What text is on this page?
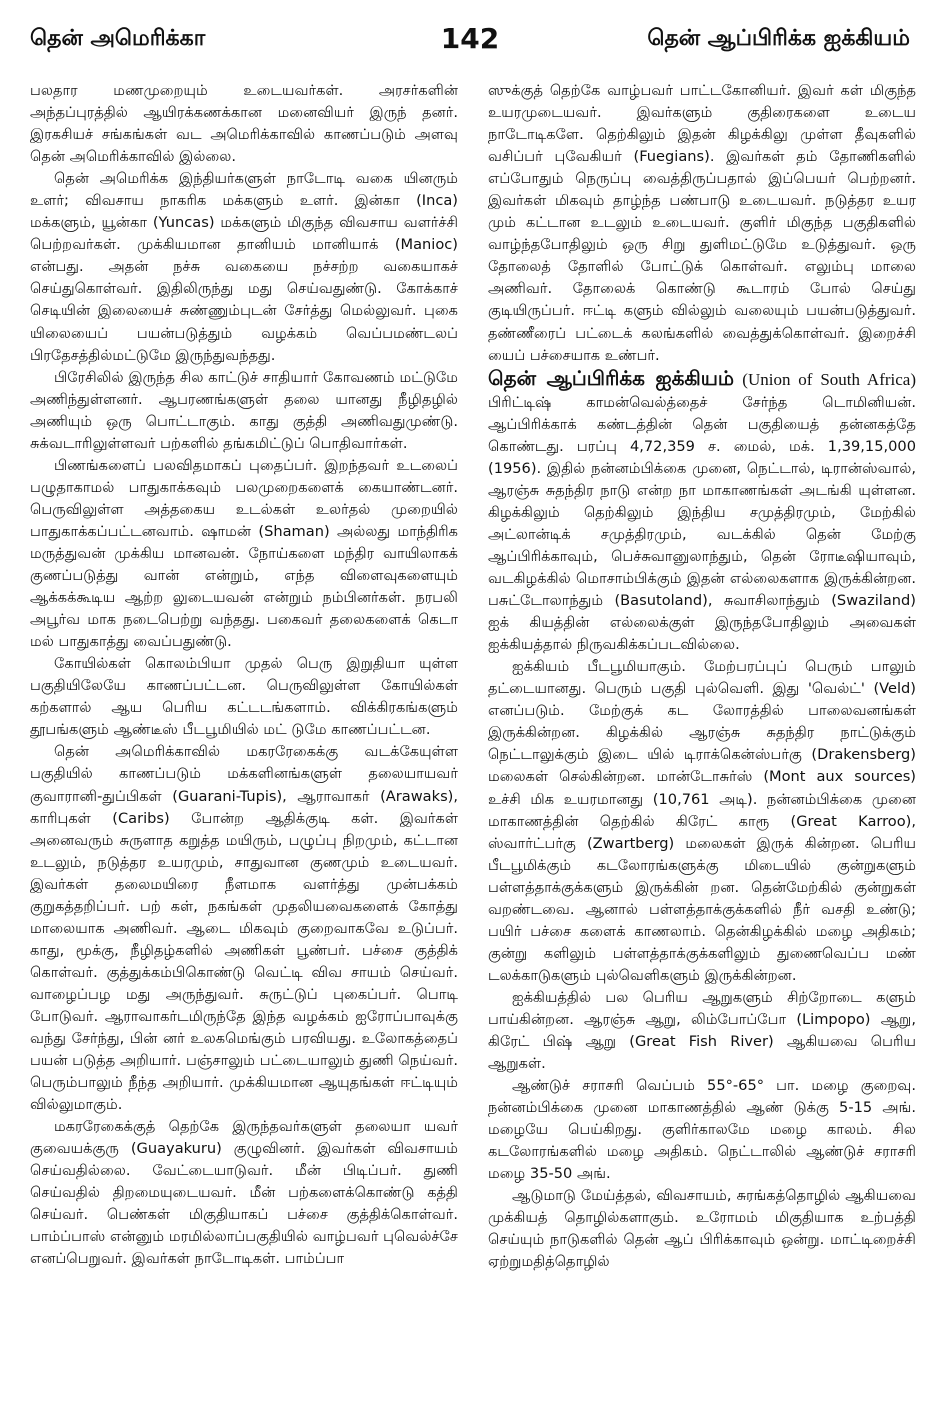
தென் அமெரிக்கா	142	தென் ஆப்பிரிக்க ஐக்கியம்

பலதார மணமுறையும் உடையவர்கள். அரசர்களின் அந்தப்புரத்தில் ஆயிரக்கணக்கான மனைவியர் இருந் தனர். இரகசியச் சங்கங்கள் வட அமெரிக்காவில் காணப்படும் அளவு தென் அமெரிக்காவில் இல்லை.

தென் அமெரிக்க இந்தியர்களுள் நாடோடி வகை யினரும் உளர்; விவசாய நாகரிக மக்களும் உளர். இன்கா (Inca) மக்களும், யூன்கா (Yuncas) மக்களும் மிகுந்த விவசாய வளர்ச்சி பெற்றவர்கள். முக்கியமான தானியம் மானியாக் (Manioc) என்பது. அதன் நச்சு வகையை நச்சற்ற வகையாகச் செய்துகொள்வர். இதிலிருந்து மது செய்வதுண்டு. கோக்காச் செடியின் இலையைச் சுண்ணும்புடன் சேர்த்து மெல்லுவர். புகை யிலையைப் பயன்படுத்தும் வழக்கம் வெப்பமண்டலப் பிரதேசத்தில்மட்டுமே இருந்துவந்தது.

பிரேசிலில் இருந்த சில காட்டுச் சாதியார் கோவணம் மட்டுமே அணிந்துள்ளனர். ஆபரணங்களுள் தலை யானது நீழிதழில் அணியும் ஒரு பொட்டாகும். காது குத்தி அணிவதுமுண்டு. சுக்வடாரிலுள்ளவர் பற்களில் தங்கமிட்டுப் பொதிவார்கள்.

பிணங்களைப் பலவிதமாகப் புதைப்பர். இறந்தவர் உடலைப் பழுதாகாமல் பாதுகாக்கவும் பலமுறைகளைக் கையாண்டனர். பெருவிலுள்ள அத்தகைய உடல்கள் உலர்தல் முறையில் பாதுகாக்கப்பட்டனவாம். ஷாமன் (Shaman) அல்லது மாந்திரிக மருத்துவன் முக்கிய மானவன். நோய்களை மந்திர வாயிலாகக் குணப்படுத்து வான் என்றும், எந்த விளைவுகளையும் ஆக்கக்கூடிய ஆற்ற லுடையவன் என்றும் நம்பினர்கள். நரபலி அபூர்வ மாக நடைபெற்று வந்தது. பகைவர் தலைகளைக் கெடா மல் பாதுகாத்து வைப்பதுண்டு.

கோயில்கள் கொலம்பியா முதல் பெரு இறுதியா யுள்ள பகுதியிலேயே காணப்பட்டன. பெருவிலுள்ள கோயில்கள் கற்களால் ஆய பெரிய கட்டடங்களாம். விக்கிரகங்களும் தூபங்களும் ஆண்டீஸ் பீடபூமியில் மட் டுமே காணப்பட்டன.

தென் அமெரிக்காவில் மகரரேகைக்கு வடக்கேயுள்ள பகுதியில் காணப்படும் மக்களினங்களுள் தலையாயவர் குவாரானி-துப்பிகள் (Guarani-Tupis), ஆராவாகர் (Arawaks), காரிபுகள் (Caribs) போன்ற ஆதிக்குடி கள். இவர்கள் அனைவரும் சுருளாத கறுத்த மயிரும், பழுப்பு நிறமும், கட்டான உடலும், நடுத்தர உயரமும், சாதுவான குணமும் உடையவர். இவர்கள் தலைமயிரை நீளமாக வளர்த்து முன்பக்கம் குறுகத்தறிப்பர். பற் கள், நகங்கள் முதலியவைகளைக் கோத்து மாலையாக அணிவர். ஆடை மிகவும் குறைவாகவே உடுப்பர். காது, மூக்கு, நீழிதழ்களில் அணிகள் பூண்பர். பச்சை குத்திக் கொள்வர். குத்துக்கம்பிகொண்டு வெட்டி விவ சாயம் செய்வர். வாழைப்பழ மது அருந்துவர். சுருட்டுப் புகைப்பர். பொடி போடுவர். ஆராவாகர்டமிருந்தே இந்த வழக்கம் ஐரோப்பாவுக்கு வந்து சேர்ந்து, பின் னர் உலகமெங்கும் பரவியது. உலோகத்தைப் பயன் படுத்த அறியார். பஞ்சாலும் பட்டையாலும் துணி நெய்வர். பெரும்பாலும் நீந்த அறியார். முக்கியமான ஆயுதங்கள் ஈட்டியும் வில்லுமாகும்.

மகரரேகைக்குத் தெற்கே இருந்தவர்களுள் தலையா யவர் குவையக்குரு (Guayakuru) குழுவினர். இவர்கள் விவசாயம் செய்வதில்லை. வேட்டையாடுவர். மீன் பிடிப்பர். துணி செய்வதில் திறமையுடையவர். மீன் பற்களைக்கொண்டு கத்தி செய்வர். பெண்கள் மிகுதியாகப் பச்சை குத்திக்கொள்வர். பாம்ப்பாஸ் என்னும் மரமில்லாப்பகுதியில் வாழ்பவர் புவெல்ச்சே எனப்பெறுவர். இவர்கள் நாடோடிகள். பாம்ப்பா

ஸுக்குத் தெற்கே வாழ்பவர் பாட்டகோனியர். இவர் கள் மிகுந்த உயரமுடையவர். இவர்களும் குதிரைகளை உடைய நாடோடிகளே. தெற்கிலும் இதன் கிழக்கிலு முள்ள தீவுகளில் வசிப்பர் புவேகியர் (Fuegians). இவர்கள் தம் தோணிகளில் எப்போதும் நெருப்பு வைத்திருப்பதால் இப்பெயர் பெற்றனர். இவர்கள் மிகவும் தாழ்ந்த பண்பாடு உடையவர். நடுத்தர உயர மும் கட்டான உடலும் உடையவர். குளிர் மிகுந்த பகுதிகளில் வாழ்ந்தபோதிலும் ஒரு சிறு துளிமட்டுமே உடுத்துவர். ஒரு தோலைத் தோளில் போட்டுக் கொள்வர். எலும்பு மாலை அணிவர். தோலைக் கொண்டு கூடாரம் போல் செய்து குடியிருப்பர். ஈட்டி களும் வில்லும் வலையும் பயன்படுத்துவர். தண்ணீரைப் பட்டைக் கலங்களில் வைத்துக்கொள்வர். இறைச்சி யைப் பச்சையாக உண்பர்.

தென் ஆப்பிரிக்க ஐக்கியம் (Union of South Africa) பிரிட்டிஷ் காமன்வெல்த்தைச் சேர்ந்த டொமினியன். ஆப்பிரிக்காக் கண்டத்தின் தென் பகுதியைத் தன்னகத்தே கொண்டது. பரப்பு 4,72,359 ச. மைல், மக். 1,39,15,000 (1956). இதில் நன்னம்பிக்கை முனை, நெட்டால், டிரான்ஸ்வால், ஆரஞ்சு சுதந்திர நாடு என்ற நா மாகாணங்கள் அடங்கி யுள்ளன. கிழக்கிலும் தெற்கிலும் இந்திய சமுத்திரமும், மேற்கில் அட்லான்டிக் சமுத்திரமும், வடக்கில் தென் மேற்கு ஆப்பிரிக்காவும், பெச்சுவானுலாந்தும், தென் ரோடீஷியாவும், வடகிழக்கில் மொசாம்பிக்கும் இதன் எல்லைகளாக இருக்கின்றன. பசுட்டோலாந்தும் (Basutoland), சுவாசிலாந்தும் (Swaziland) ஐக் கியத்தின் எல்லைக்குள் இருந்தபோதிலும் அவைகள் ஐக்கியத்தால் நிருவகிக்கப்படவில்லை.

ஐக்கியம் பீடபூமியாகும். மேற்பரப்புப் பெரும் பாலும் தட்டையானது. பெரும் பகுதி புல்வெளி. இது 'வெல்ட்' (Veld) எனப்படும். மேற்குக் கட லோரத்தில் பாலைவனங்கள் இருக்கின்றன. கிழக்கில் ஆரஞ்சு சுதந்திர நாட்டுக்கும் நெட்டாலுக்கும் இடை யில் டிராக்கென்ஸ்பர்கு (Drakensberg) மலைகள் செல்கின்றன. மான்டோசுர்ஸ் (Mont aux sources) உச்சி மிக உயரமானது (10,761 அடி). நன்னம்பிக்கை முனை மாகாணத்தின் தெற்கில் கிரேட் காரூ (Great Karroo), ஸ்வார்ட்பர்கு (Zwartberg) மலைகள் இருக் கின்றன. பெரிய பீடபூமிக்கும் கடலோரங்களுக்கு மிடையில் குன்றுகளும் பள்ளத்தாக்குக்களும் இருக்கின் றன. தென்மேற்கில் குன்றுகள் வறண்டவை. ஆனால் பள்ளத்தாக்குக்களில் நீர் வசதி உண்டு; பயிர் பச்சை களைக் காணலாம். தென்கிழக்கில் மழை அதிகம்; குன்று களிலும் பள்ளத்தாக்குக்களிலும் துணைவெப்ப மண் டலக்காடுகளும் புல்வெளிகளும் இருக்கின்றன.

ஐக்கியத்தில் பல பெரிய ஆறுகளும் சிற்றோடை களும் பாய்கின்றன. ஆரஞ்சு ஆறு, லிம்போப்போ (Limpopo) ஆறு, கிரேட் பிஷ் ஆறு (Great Fish River) ஆகியவை பெரிய ஆறுகள்.

ஆண்டுச் சராசரி வெப்பம் 55°-65° பா. மழை குறைவு. நன்னம்பிக்கை முனை மாகாணத்தில் ஆண் டுக்கு 5-15 அங். மழையே பெய்கிறது. குளிர்காலமே மழை காலம். சில கடலோரங்களில் மழை அதிகம். நெட்டாலில் ஆண்டுச் சராசரி மழை 35-50 அங்.

ஆடுமாடு மேய்த்தல், விவசாயம், சுரங்கத்தொழில் ஆகியவை முக்கியத் தொழில்களாகும். உரோமம் மிகுதியாக உற்பத்தி செய்யும் நாடுகளில் தென் ஆப் பிரிக்காவும் ஒன்று. மாட்டிறைச்சி ஏற்றுமதித்தொழில்
